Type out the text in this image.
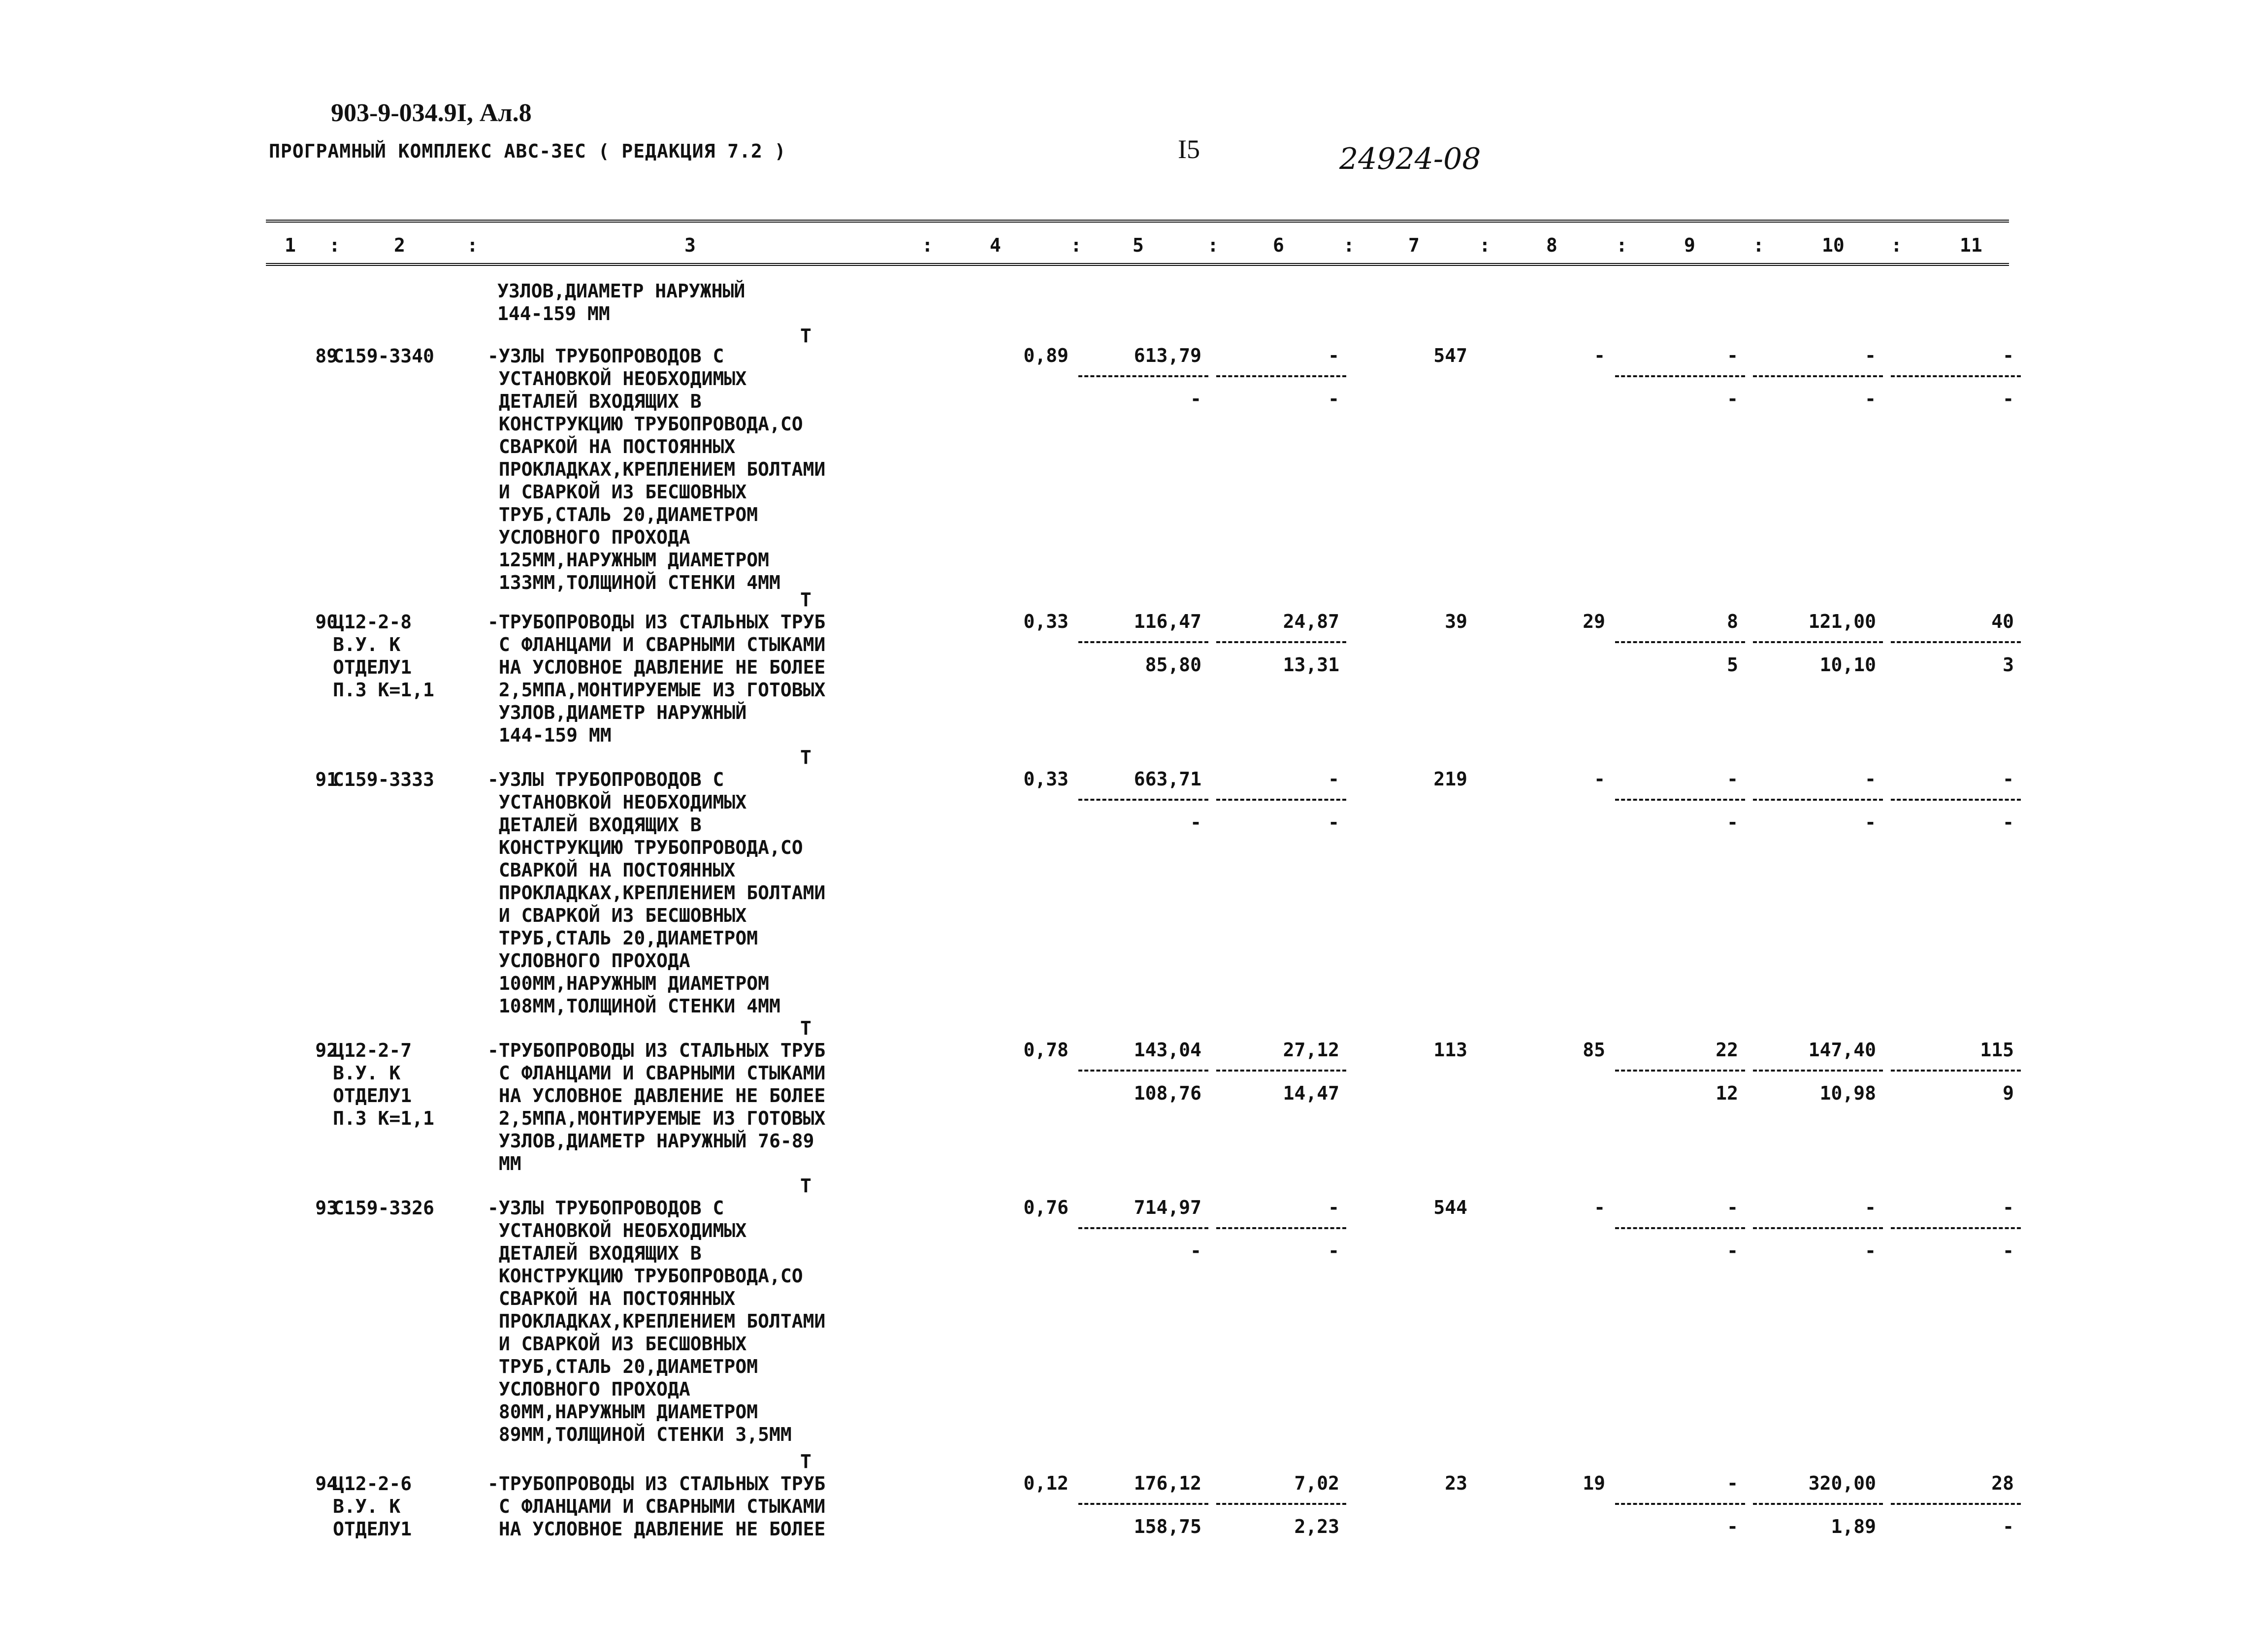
903-9-034.9I, Ал.8
ПРОГРАМНЫЙ КОМПЛЕКС АВС-3ЕС ( РЕДАКЦИЯ 7.2 )	I5	24924-08
1	2	3	4	5	6	7	8	9	10	11
:	:	:	:	:	:	:	:	:	:
УЗЛОВ,ДИАМЕТР НАРУЖНЫЙ
144-159 ММ
Т
89
С159-3340	-УЗЛЫ ТРУБОПРОВОДОВ С
УСТАНОВКОЙ НЕОБХОДИМЫХ
ДЕТАЛЕЙ ВХОДЯЩИХ В
КОНСТРУКЦИЮ ТРУБОПРОВОДА,СО
СВАРКОЙ НА ПОСТОЯННЫХ
ПРОКЛАДКАХ,КРЕПЛЕНИЕМ БОЛТАМИ
И СВАРКОЙ ИЗ БЕСШОВНЫХ
ТРУБ,СТАЛЬ 20,ДИАМЕТРОМ
УСЛОВНОГО ПРОХОДА
125ММ,НАРУЖНЫМ ДИАМЕТРОМ
133ММ,ТОЛЩИНОЙ СТЕНКИ 4ММ
0,89	613,79	-	547	-	-	-	-
-	-	-	-	-
Т
90
Ц12-2-8
В.У. К
ОТДЕЛУ1
П.3 К=1,1
-ТРУБОПРОВОДЫ ИЗ СТАЛЬНЫХ ТРУБ
С ФЛАНЦАМИ И СВАРНЫМИ СТЫКАМИ
НА УСЛОВНОЕ ДАВЛЕНИЕ НЕ БОЛЕЕ
2,5МПА,МОНТИРУЕМЫЕ ИЗ ГОТОВЫХ
УЗЛОВ,ДИАМЕТР НАРУЖНЫЙ
144-159 ММ
0,33	116,47	24,87	39	29	8	121,00	40
85,80	13,31	5	10,10	3
Т
91
С159-3333	-УЗЛЫ ТРУБОПРОВОДОВ С
УСТАНОВКОЙ НЕОБХОДИМЫХ
ДЕТАЛЕЙ ВХОДЯЩИХ В
КОНСТРУКЦИЮ ТРУБОПРОВОДА,СО
СВАРКОЙ НА ПОСТОЯННЫХ
ПРОКЛАДКАХ,КРЕПЛЕНИЕМ БОЛТАМИ
И СВАРКОЙ ИЗ БЕСШОВНЫХ
ТРУБ,СТАЛЬ 20,ДИАМЕТРОМ
УСЛОВНОГО ПРОХОДА
100ММ,НАРУЖНЫМ ДИАМЕТРОМ
108ММ,ТОЛЩИНОЙ СТЕНКИ 4ММ
0,33	663,71	-	219	-	-	-	-
-	-	-	-	-
Т
92
Ц12-2-7
В.У. К
ОТДЕЛУ1
П.3 К=1,1
-ТРУБОПРОВОДЫ ИЗ СТАЛЬНЫХ ТРУБ
С ФЛАНЦАМИ И СВАРНЫМИ СТЫКАМИ
НА УСЛОВНОЕ ДАВЛЕНИЕ НЕ БОЛЕЕ
2,5МПА,МОНТИРУЕМЫЕ ИЗ ГОТОВЫХ
УЗЛОВ,ДИАМЕТР НАРУЖНЫЙ 76-89
ММ
0,78	143,04	27,12	113	85	22	147,40	115
108,76	14,47	12	10,98	9
Т
93
С159-3326	-УЗЛЫ ТРУБОПРОВОДОВ С
УСТАНОВКОЙ НЕОБХОДИМЫХ
ДЕТАЛЕЙ ВХОДЯЩИХ В
КОНСТРУКЦИЮ ТРУБОПРОВОДА,СО
СВАРКОЙ НА ПОСТОЯННЫХ
ПРОКЛАДКАХ,КРЕПЛЕНИЕМ БОЛТАМИ
И СВАРКОЙ ИЗ БЕСШОВНЫХ
ТРУБ,СТАЛЬ 20,ДИАМЕТРОМ
УСЛОВНОГО ПРОХОДА
80ММ,НАРУЖНЫМ ДИАМЕТРОМ
89ММ,ТОЛЩИНОЙ СТЕНКИ 3,5ММ
0,76	714,97	-	544	-	-	-	-
-	-	-	-	-
Т
94
Ц12-2-6
В.У. К
ОТДЕЛУ1
-ТРУБОПРОВОДЫ ИЗ СТАЛЬНЫХ ТРУБ
С ФЛАНЦАМИ И СВАРНЫМИ СТЫКАМИ
НА УСЛОВНОЕ ДАВЛЕНИЕ НЕ БОЛЕЕ
0,12	176,12	7,02	23	19	-	320,00	28
158,75	2,23	-	1,89	-
